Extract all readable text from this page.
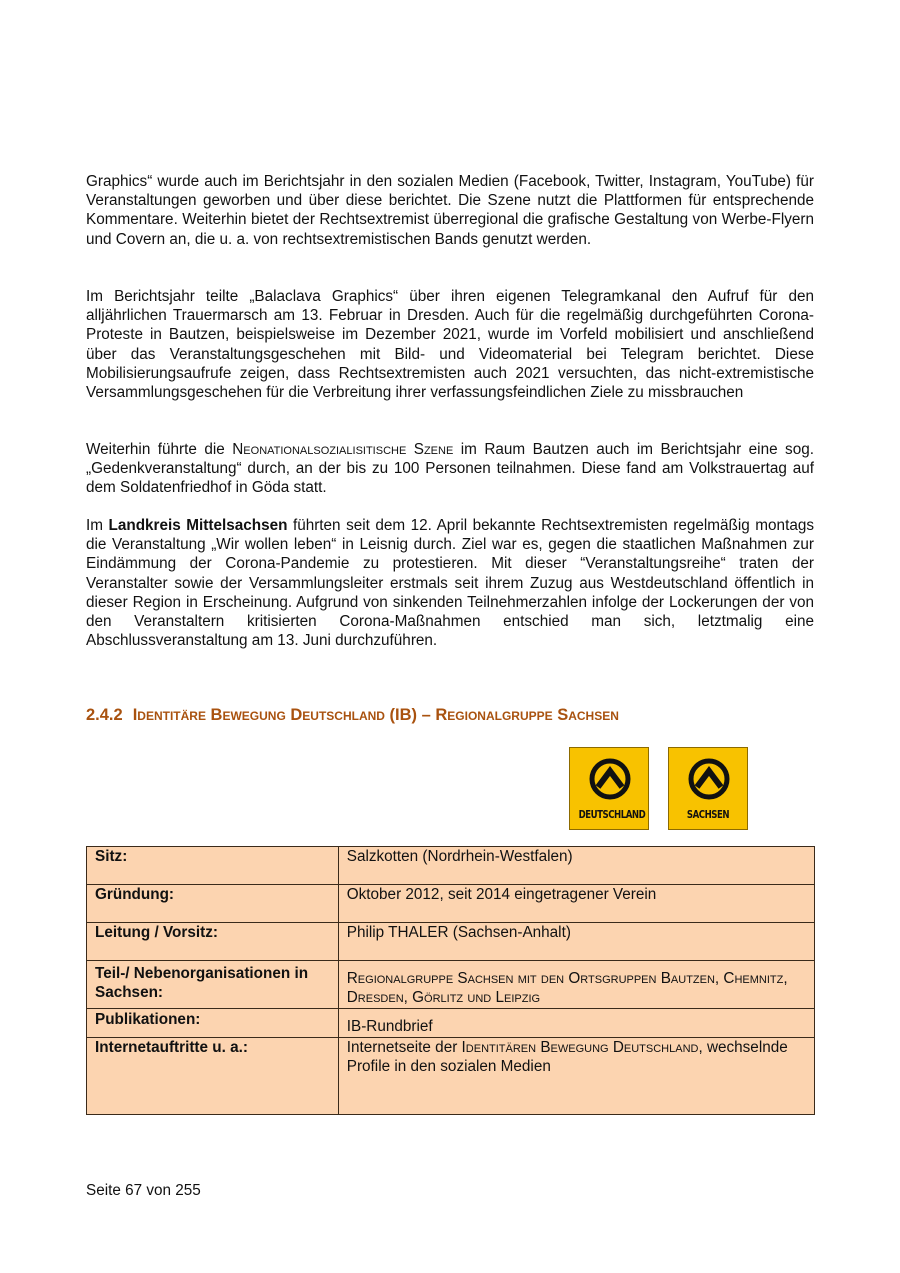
Graphics“ wurde auch im Berichtsjahr in den sozialen Medien (Facebook, Twitter, Instagram, YouTube) für Veranstaltungen geworben und über diese berichtet. Die Szene nutzt die Plattformen für entsprechende Kommentare. Weiterhin bietet der Rechtsextremist überregional die grafische Gestaltung von Werbe-Flyern und Covern an, die u. a. von rechtsextremistischen Bands genutzt werden.

Im Berichtsjahr teilte „Balaclava Graphics“ über ihren eigenen Telegramkanal den Aufruf für den alljährlichen Trauermarsch am 13. Februar in Dresden. Auch für die regelmäßig durchgeführten Corona-Proteste in Bautzen, beispielsweise im Dezember 2021, wurde im Vorfeld mobilisiert und anschließend über das Veranstaltungsgeschehen mit Bild- und Videomaterial bei Telegram berichtet. Diese Mobilisierungsaufrufe zeigen, dass Rechtsextremisten auch 2021 versuchten, das nicht-extremistische Versammlungsgeschehen für die Verbreitung ihrer verfassungsfeindlichen Ziele zu missbrauchen

Weiterhin führte die Neonationalsozialisitische Szene im Raum Bautzen auch im Berichtsjahr eine sog. „Gedenkveranstaltung“ durch, an der bis zu 100 Personen teilnahmen. Diese fand am Volkstrauertag auf dem Soldatenfriedhof in Göda statt.

Im Landkreis Mittelsachsen führten seit dem 12. April bekannte Rechtsextremisten regelmäßig montags die Veranstaltung „Wir wollen leben“ in Leisnig durch. Ziel war es, gegen die staatlichen Maßnahmen zur Eindämmung der Corona-Pandemie zu protestieren. Mit dieser “Veranstaltungsreihe“ traten der Veranstalter sowie der Versammlungsleiter erstmals seit ihrem Zuzug aus Westdeutschland öffentlich in dieser Region in Erscheinung. Aufgrund von sinkenden Teilnehmerzahlen infolge der Lockerungen der von den Veranstaltern kritisierten Corona-Maßnahmen entschied man sich, letztmalig eine Abschlussveranstaltung am 13. Juni durchzuführen.

2.4.2 Identitäre Bewegung Deutschland (IB) – Regionalgruppe Sachsen
DEUTSCHLAND	SACHSEN
Sitz:	Salzkotten (Nordrhein-Westfalen)
Gründung:	Oktober 2012, seit 2014 eingetragener Verein
Leitung / Vorsitz:	Philip THALER (Sachsen-Anhalt)
Teil-/ Nebenorganisationen in Sachsen:	Regionalgruppe Sachsen mit den Ortsgruppen Bautzen, Chemnitz, Dresden, Görlitz und Leipzig
Publikationen:	IB-Rundbrief
Internetauftritte u. a.:	Internetseite der Identitären Bewegung Deutschland, wechselnde Profile in den sozialen Medien
Seite 67 von 255
